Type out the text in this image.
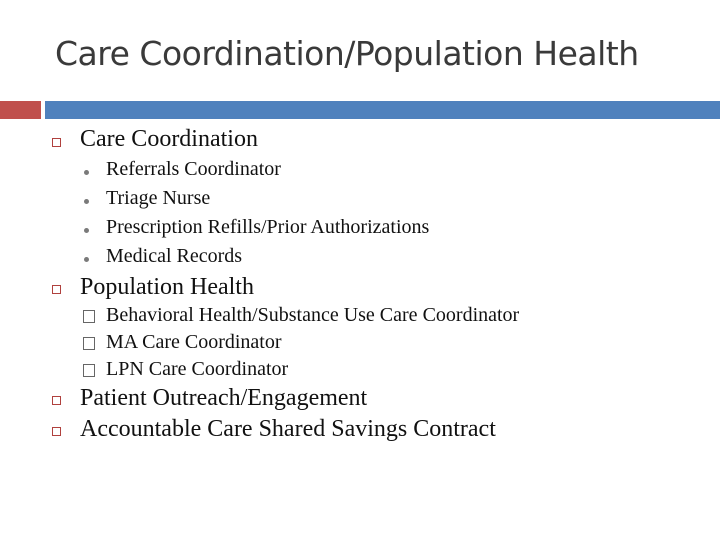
Care Coordination/Population Health
Care Coordination
Referrals Coordinator
Triage Nurse
Prescription Refills/Prior Authorizations
Medical Records
Population Health
Behavioral Health/Substance Use Care Coordinator
MA Care Coordinator
LPN Care Coordinator
Patient Outreach/Engagement
Accountable Care Shared Savings Contract
